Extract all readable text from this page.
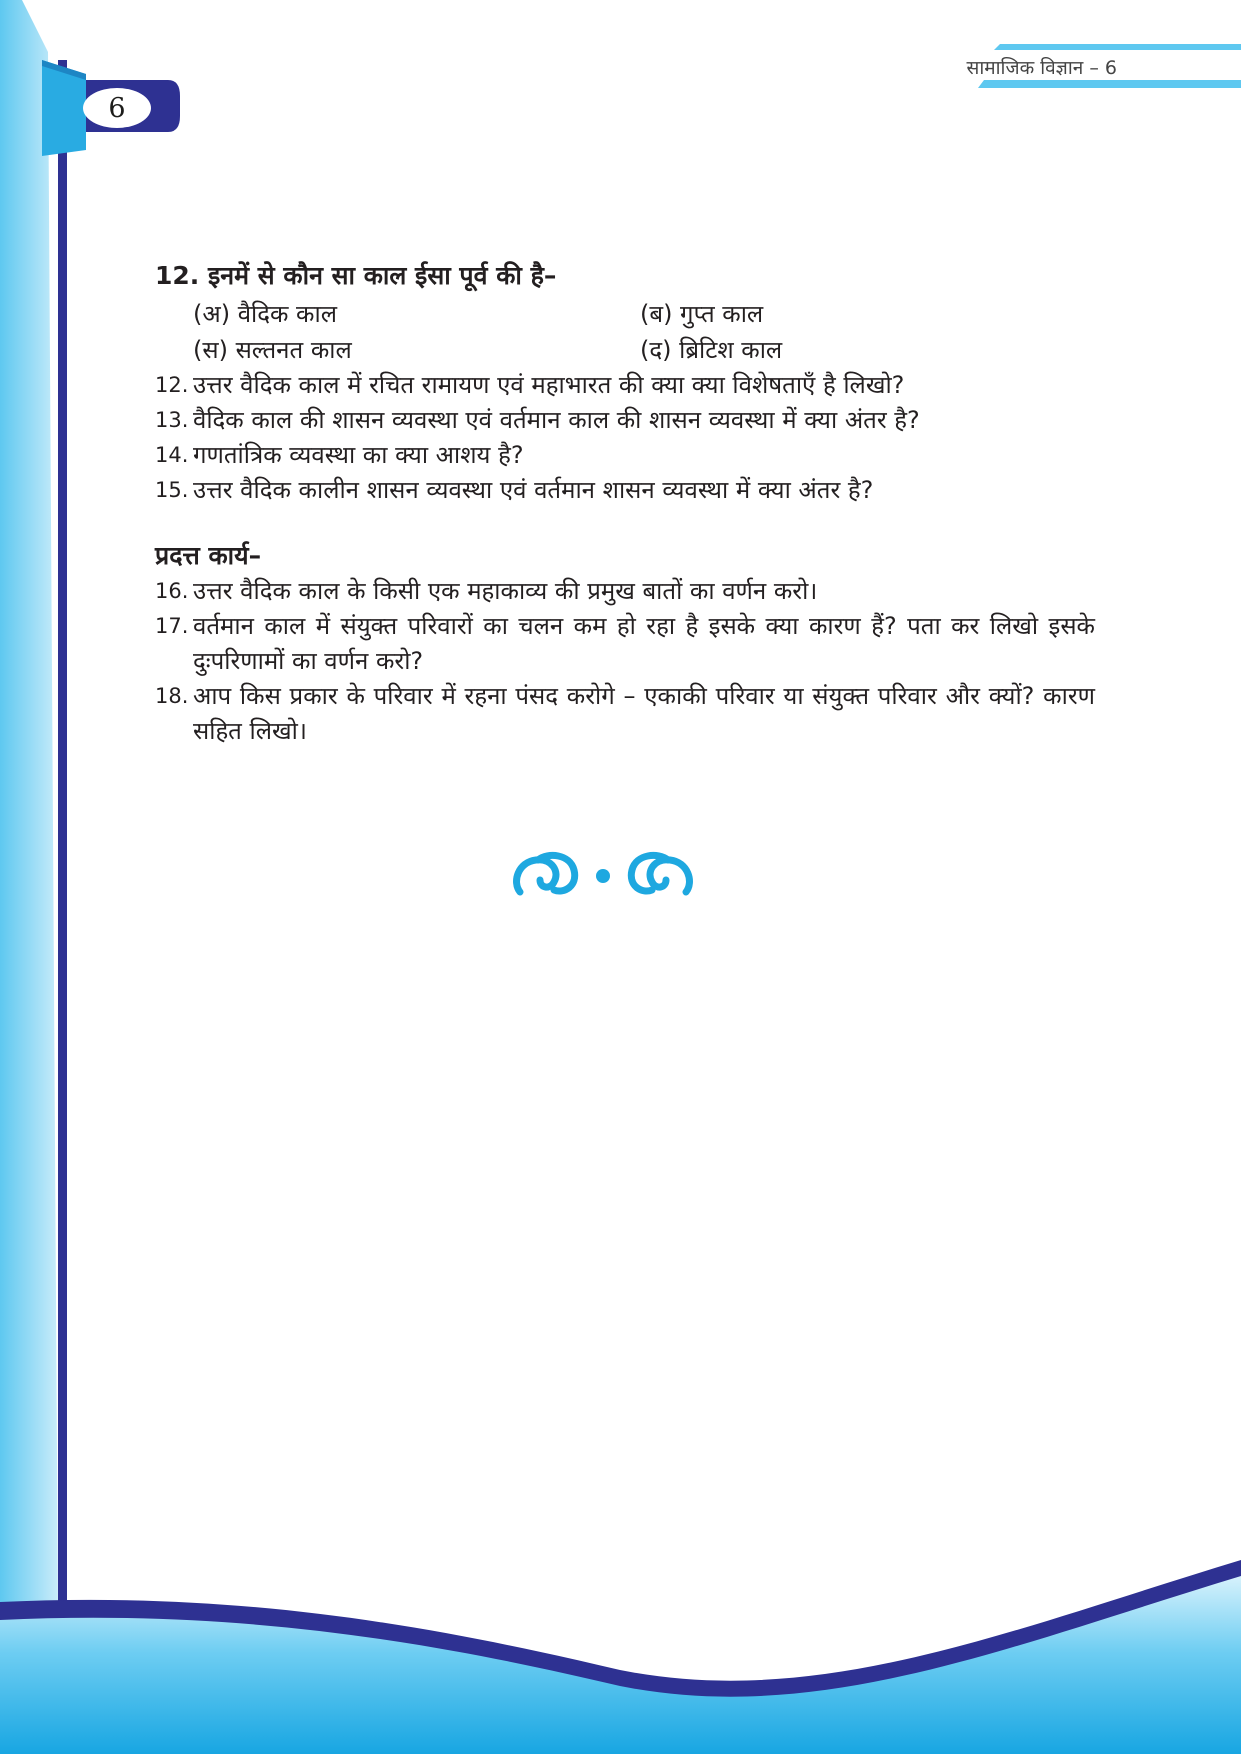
6
सामाजिक विज्ञान – 6

12. इनमें से कौन सा काल ईसा पूर्व की है–

(अ) वैदिक काल	(ब) गुप्त काल
(स) सल्तनत काल	(द) ब्रिटिश काल
12. उत्तर वैदिक काल में रचित रामायण एवं महाभारत की क्या क्या विशेषताएँ है लिखो?
13. वैदिक काल की शासन व्यवस्था एवं वर्तमान काल की शासन व्यवस्था में क्या अंतर है?
14. गणतांत्रिक व्यवस्था का क्या आशय है?
15. उत्तर वैदिक कालीन शासन व्यवस्था एवं वर्तमान शासन व्यवस्था में क्या अंतर है?

प्रदत्त कार्य–

16. उत्तर वैदिक काल के किसी एक महाकाव्य की प्रमुख बातों का वर्णन करो।
17. वर्तमान काल में संयुक्त परिवारों का चलन कम हो रहा है इसके क्या कारण हैं? पता कर लिखो इसके दुःपरिणामों का वर्णन करो?
18. आप किस प्रकार के परिवार में रहना पंसद करोगे – एकाकी परिवार या संयुक्त परिवार और क्यों? कारण सहित लिखो।
